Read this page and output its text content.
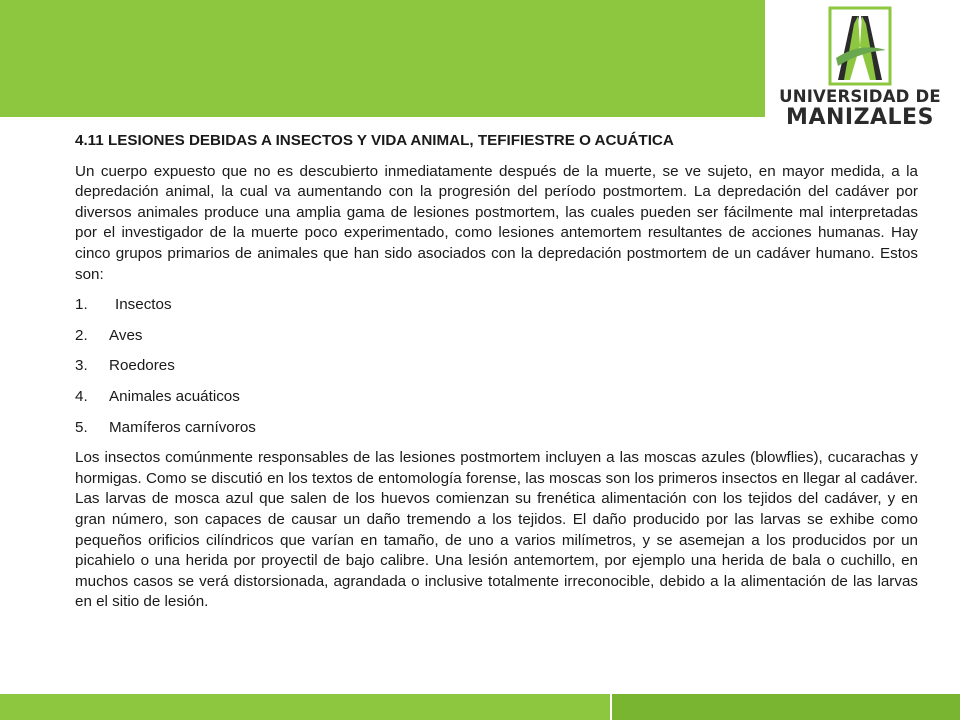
UNIVERSIDAD DE
MANIZALES

4.11 LESIONES DEBIDAS A INSECTOS Y VIDA ANIMAL, TEFIFIESTRE O ACUÁTICA

Un cuerpo expuesto que no es descubierto inmediatamente después de la muerte, se ve sujeto, en mayor medida, a la depredación animal, la cual va aumentando con la progresión del período postmortem. La depredación del cadáver por diversos animales produce una amplia gama de lesiones postmortem, las cuales pueden ser fácilmente mal interpretadas por el investigador de la muerte poco experimentado, como lesiones antemortem resultantes de acciones humanas. Hay cinco grupos primarios de animales que han sido asociados con la depredación postmortem de un cadáver humano. Estos son:

1.	Insectos
2.	Aves
3.	Roedores
4.	Animales acuáticos
5.	Mamíferos carnívoros

Los insectos comúnmente responsables de las lesiones postmortem incluyen a las moscas azules (blowflies), cucarachas y hormigas. Como se discutió en los textos de entomología forense, las moscas son los primeros insectos en llegar al cadáver. Las larvas de mosca azul que salen de los huevos comienzan su frenética alimentación con los tejidos del cadáver, y en gran número, son capaces de causar un daño tremendo a los tejidos. El daño producido por las larvas se exhibe como pequeños orificios cilíndricos que varían en tamaño, de uno a varios milímetros, y se asemejan a los producidos por un picahielo o una herida por proyectil de bajo calibre. Una lesión antemortem, por ejemplo una herida de bala o cuchillo, en muchos casos se verá distorsionada, agrandada o inclusive totalmente irreconocible, debido a la alimentación de las larvas en el sitio de lesión.
